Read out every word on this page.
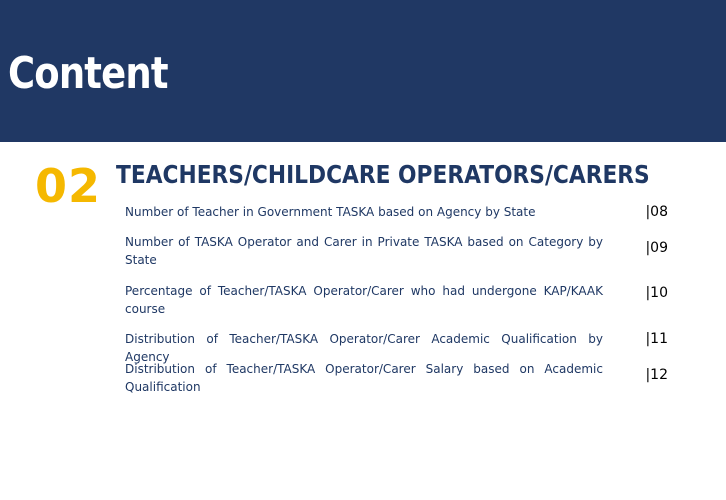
Content
02 TEACHERS/CHILDCARE OPERATORS/CARERS
Number of Teacher in Government TASKA based on Agency by State	|08
Number of TASKA Operator and Carer in Private TASKA based on Category by State
|09
Percentage of Teacher/TASKA Operator/Carer who had undergone KAP/KAAK course
|10
Distribution of Teacher/TASKA Operator/Carer Academic Qualification by Agency
|11
Distribution of Teacher/TASKA Operator/Carer Salary based on Academic Qualification
|12
